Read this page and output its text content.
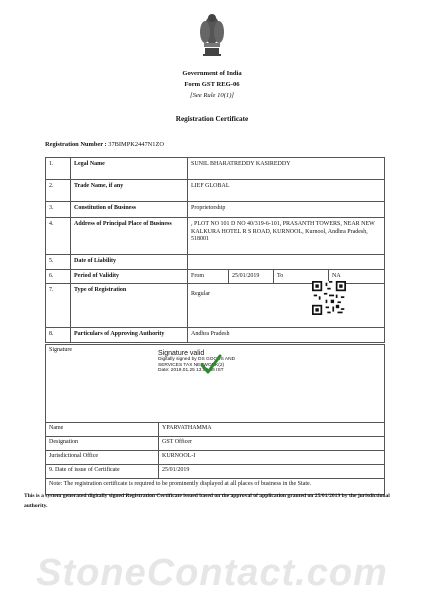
Government of India
Form GST REG-06
[See Rule 10(1)]
Registration Certificate
Registration Number : 37BIMPK2447N1ZO
1.	Legal Name	SUNIL BHARATREDDY KASIREDDY			
2.	Trade Name, if any	LIEF GLOBAL			
3.	Constitution of Business	Proprietorship			
4.	Address of Principal Place of Business	, PLOT NO 101 D NO 40/319-6-101, PRASANTH TOWERS, NEAR NEW KALKURA HOTEL R S ROAD, KURNOOL, Kurnool, Andhra Pradesh, 518001			
5.	Date of Liability				
6.	Period of Validity	From	25/01/2019	To	NA
7.	Type of Registration	Regular			
8.	Particulars of Approving Authority	Andhra Pradesh			
Signature	
Name	YPARVATHAMMA
Designation	GST Officer
Jurisdictional Office	KURNOOL-I
9. Date of issue of Certificate	25/01/2019
Note: The registration certificate is required to be prominently displayed at all places of business in the State.	
Signature valid
Digitally signed by DS GOODS AND
SERVICES TAX NETWORK(2)
Date: 2019.01.25 13:00:36 IST
This is a system generated digitally signed Registration Certificate issued based on the approval of application granted on 25/01/2019 by the jurisdictional authority.
StoneContact.com
